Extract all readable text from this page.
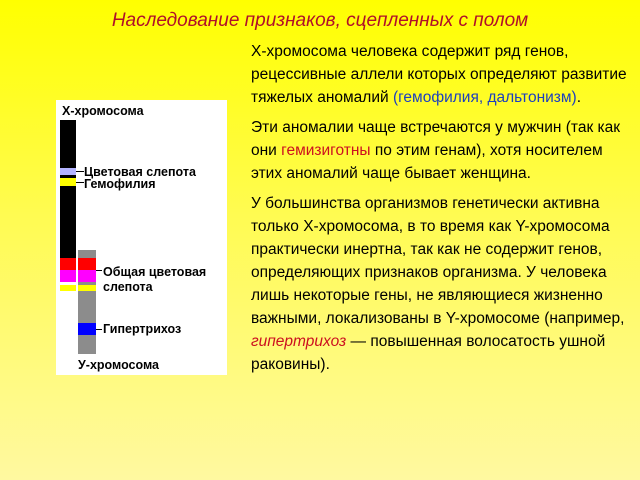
Наследование признаков, сцепленных с полом
Х-хромосома
Цветовая слепота
Гемофилия
Общая цветовая
слепота
Гипертрихоз
У-хромосома

Х-хромосома человека содержит ряд генов, рецессивные аллели которых определяют развитие тяжелых аномалий (гемофилия, дальтонизм).

Эти аномалии чаще встречаются у мужчин (так как они гемизиготны по этим генам), хотя носителем этих аномалий чаще бывает женщина.

У большинства организмов генетически активна только Х-хромосома, в то время как Y-хромосома практически инертна, так как не содержит генов, определяющих признаков организма. У человека лишь некоторые гены, не являющиеся жизненно важными, локализованы в Y-хромосоме (например, гипертрихоз — повышенная волосатость ушной раковины).
